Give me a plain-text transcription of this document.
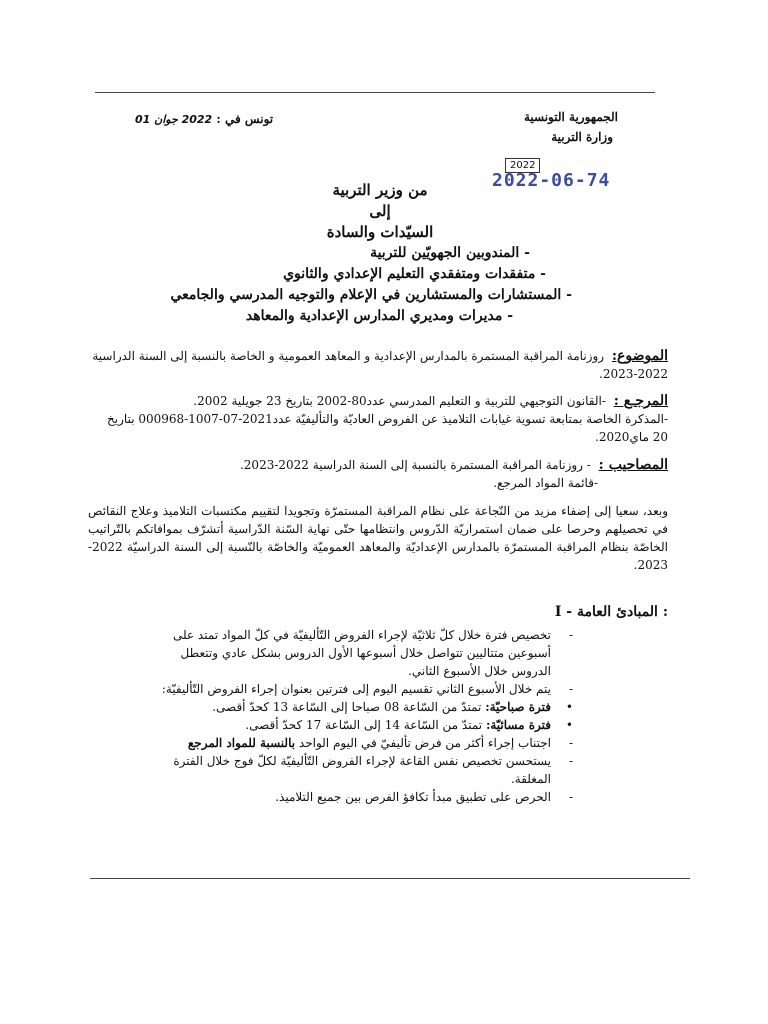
الجمهورية التونسية
وزارة التربية
تونس في : 2022 جوان 01
2022
2022-06-74
من وزير التربية
إلى
السيّدات والسادة
- المندوبين الجهويّين للتربية
- متفقدات ومتفقدي التعليم الإعدادي والثانوي
- المستشارات والمستشارين في الإعلام والتوجيه المدرسي والجامعي
- مديرات ومديري المدارس الإعدادية والمعاهد
الموضوع: روزنامة المراقبة المستمرة بالمدارس الإعدادية و المعاهد العمومية و الخاصة بالنسبة إلى السنة الدراسية 2022-2023.
المرجـع : -القانون التوجيهي للتربية و التعليم المدرسي عدد80-2002 بتاريخ 23 جويلية 2002.
-المذكرة الخاصة بمتابعة تسوية غيابات التلاميذ عن الفروض العاديّة والتأليفيّة عدد2021-07-1007-000968 بتاريخ 20 ماي2020.
المصاحيب : - روزنامة المراقبة المستمرة بالنسبة إلى السنة الدراسية 2022-2023.
-قائمة المواد المرجع.
وبعد، سعيا إلى إضفاء مزيد من النّجاعة على نظام المراقبة المستمرّة وتجويدا لتقييم مكتسبات التلاميذ وعلاج النقائص في تحصيلهم وحرصا على ضمان استمراريّة الدّروس وانتظامها حتّى نهاية السّنة الدّراسية أتشرّف بموافاتكم بالتّراتيب الخاصّة بنظام المراقبة المستمرّة بالمدارس الإعداديّة والمعاهد العموميّة والخاصّة بالنّسبة إلى السنة الدراسيّة 2022-2023.
I - المبادئ العامة :
-
تخصيص فترة خلال كلّ ثلاثيّة لإجراء الفروض التّأليفيّة في كلّ المواد تمتد على أسبوعين متتاليين تتواصل خلال أسبوعها الأول الدروس بشكل عادي وتتعطل الدروس خلال الأسبوع الثاني.
-
يتم خلال الأسبوع الثاني تقسيم اليوم إلى فترتين بعنوان إجراء الفروض التّأليفيّة:
•
فترة صباحيّة: تمتدّ من السّاعة 08 صباحا إلى السّاعة 13 كحدّ أقصى.
•
فترة مسائيّة: تمتدّ من السّاعة 14 إلى السّاعة 17 كحدّ أقصى.
-
اجتناب إجراء أكثر من فرض تأليفيّ في اليوم الواحد بالنسبة للمواد المرجع
-
يستحسن تخصيص نفس القاعة لإجراء الفروض التّأليفيّة لكلّ فوج خلال الفترة المغلقة.
-
الحرص على تطبيق مبدأ تكافؤ الفرص بين جميع التلاميذ.
